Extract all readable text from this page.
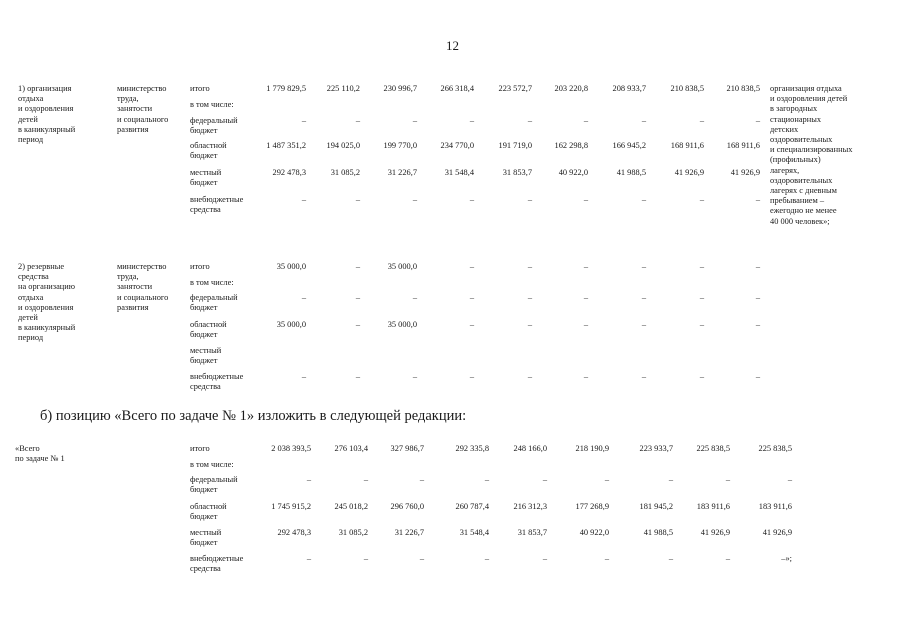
12
1) организация
отдыха
и оздоровления
детей
в каникулярный
период
министерство
труда,
занятости
и социального
развития
организация отдыха
и оздоровления детей
в загородных
стационарных
детских
оздоровительных
и специализированных
(профильных)
лагерях,
оздоровительных
лагерях с дневным
пребыванием –
ежегодно не менее
40 000 человек»;
итого	1 779 829,5	225 110,2	230 996,7	266 318,4	223 572,7	203 220,8	208 933,7	210 838,5	210 838,5
в том числе:
федеральный
бюджет
–	–	–	–	–	–	–	–	–
областной
бюджет
1 487 351,2	194 025,0	199 770,0	234 770,0	191 719,0	162 298,8	166 945,2	168 911,6	168 911,6
местный
бюджет
292 478,3	31 085,2	31 226,7	31 548,4	31 853,7	40 922,0	41 988,5	41 926,9	41 926,9
внебюджетные
средства
–	–	–	–	–	–	–	–	–
2) резервные
средства
на организацию
отдыха
и оздоровления
детей
в каникулярный
период
министерство
труда,
занятости
и социального
развития
итого	35 000,0	–	35 000,0	–	–	–	–	–	–
в том числе:
федеральный
бюджет
–	–	–	–	–	–	–	–	–
областной
бюджет
35 000,0	–	35 000,0	–	–	–	–	–	–
местный
бюджет
внебюджетные
средства
–	–	–	–	–	–	–	–	–
б) позицию «Всего по задаче № 1» изложить в следующей редакции:
«Всего
по задаче № 1
итого	2 038 393,5	276 103,4	327 986,7	292 335,8	248 166,0	218 190,9	223 933,7	225 838,5	225 838,5
в том числе:
федеральный
бюджет
–	–	–	–	–	–	–	–	–
областной
бюджет
1 745 915,2	245 018,2	296 760,0	260 787,4	216 312,3	177 268,9	181 945,2	183 911,6	183 911,6
местный
бюджет
292 478,3	31 085,2	31 226,7	31 548,4	31 853,7	40 922,0	41 988,5	41 926,9	41 926,9
внебюджетные
средства
–	–	–	–	–	–	–	–	–»;
